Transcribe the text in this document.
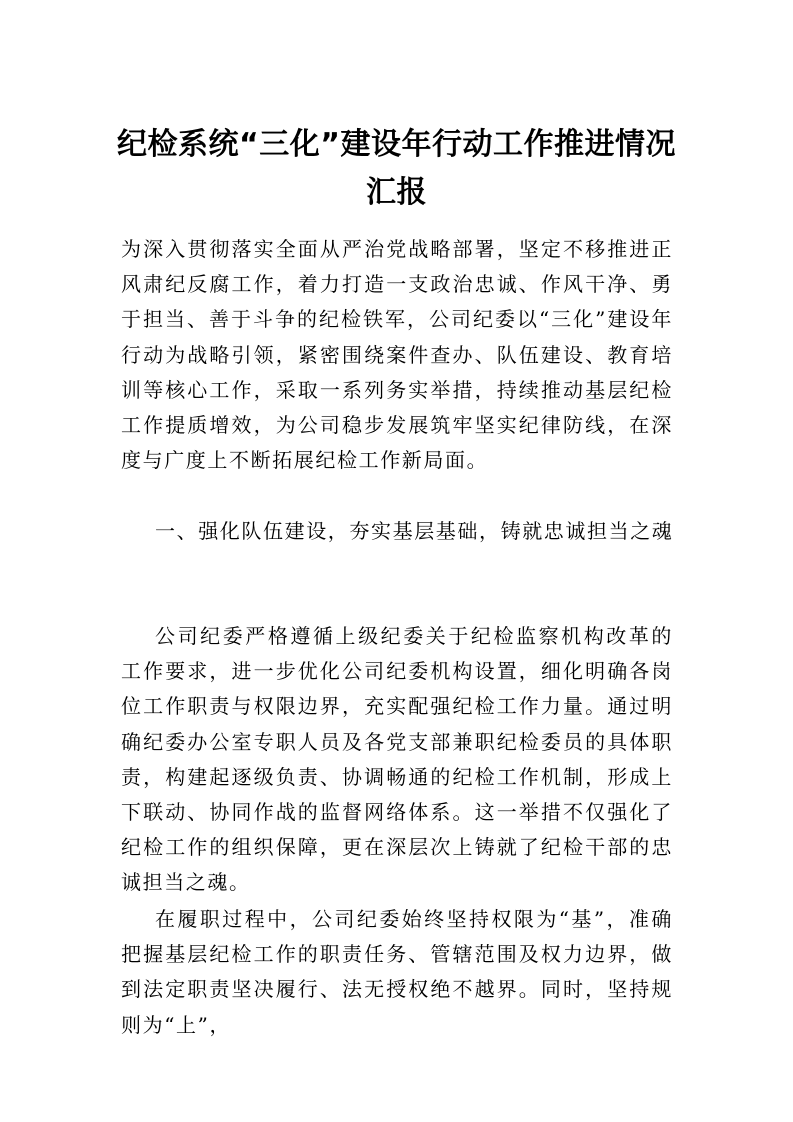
纪检系统“三化”建设年行动工作推进情况
汇报

为深入贯彻落实全面从严治党战略部署，坚定不移推进正风肃纪反腐工作，着力打造一支政治忠诚、作风干净、勇于担当、善于斗争的纪检铁军，公司纪委以“三化”建设年行动为战略引领，紧密围绕案件查办、队伍建设、教育培训等核心工作，采取一系列务实举措，持续推动基层纪检工作提质增效，为公司稳步发展筑牢坚实纪律防线，在深度与广度上不断拓展纪检工作新局面。

一、强化队伍建设，夯实基层基础，铸就忠诚担当之魂

公司纪委严格遵循上级纪委关于纪检监察机构改革的工作要求，进一步优化公司纪委机构设置，细化明确各岗位工作职责与权限边界，充实配强纪检工作力量。通过明确纪委办公室专职人员及各党支部兼职纪检委员的具体职责，构建起逐级负责、协调畅通的纪检工作机制，形成上下联动、协同作战的监督网络体系。这一举措不仅强化了纪检工作的组织保障，更在深层次上铸就了纪检干部的忠诚担当之魂。

在履职过程中，公司纪委始终坚持权限为“基”，准确把握基层纪检工作的职责任务、管辖范围及权力边界，做到法定职责坚决履行、法无授权绝不越界。同时，坚持规则为“上”，
